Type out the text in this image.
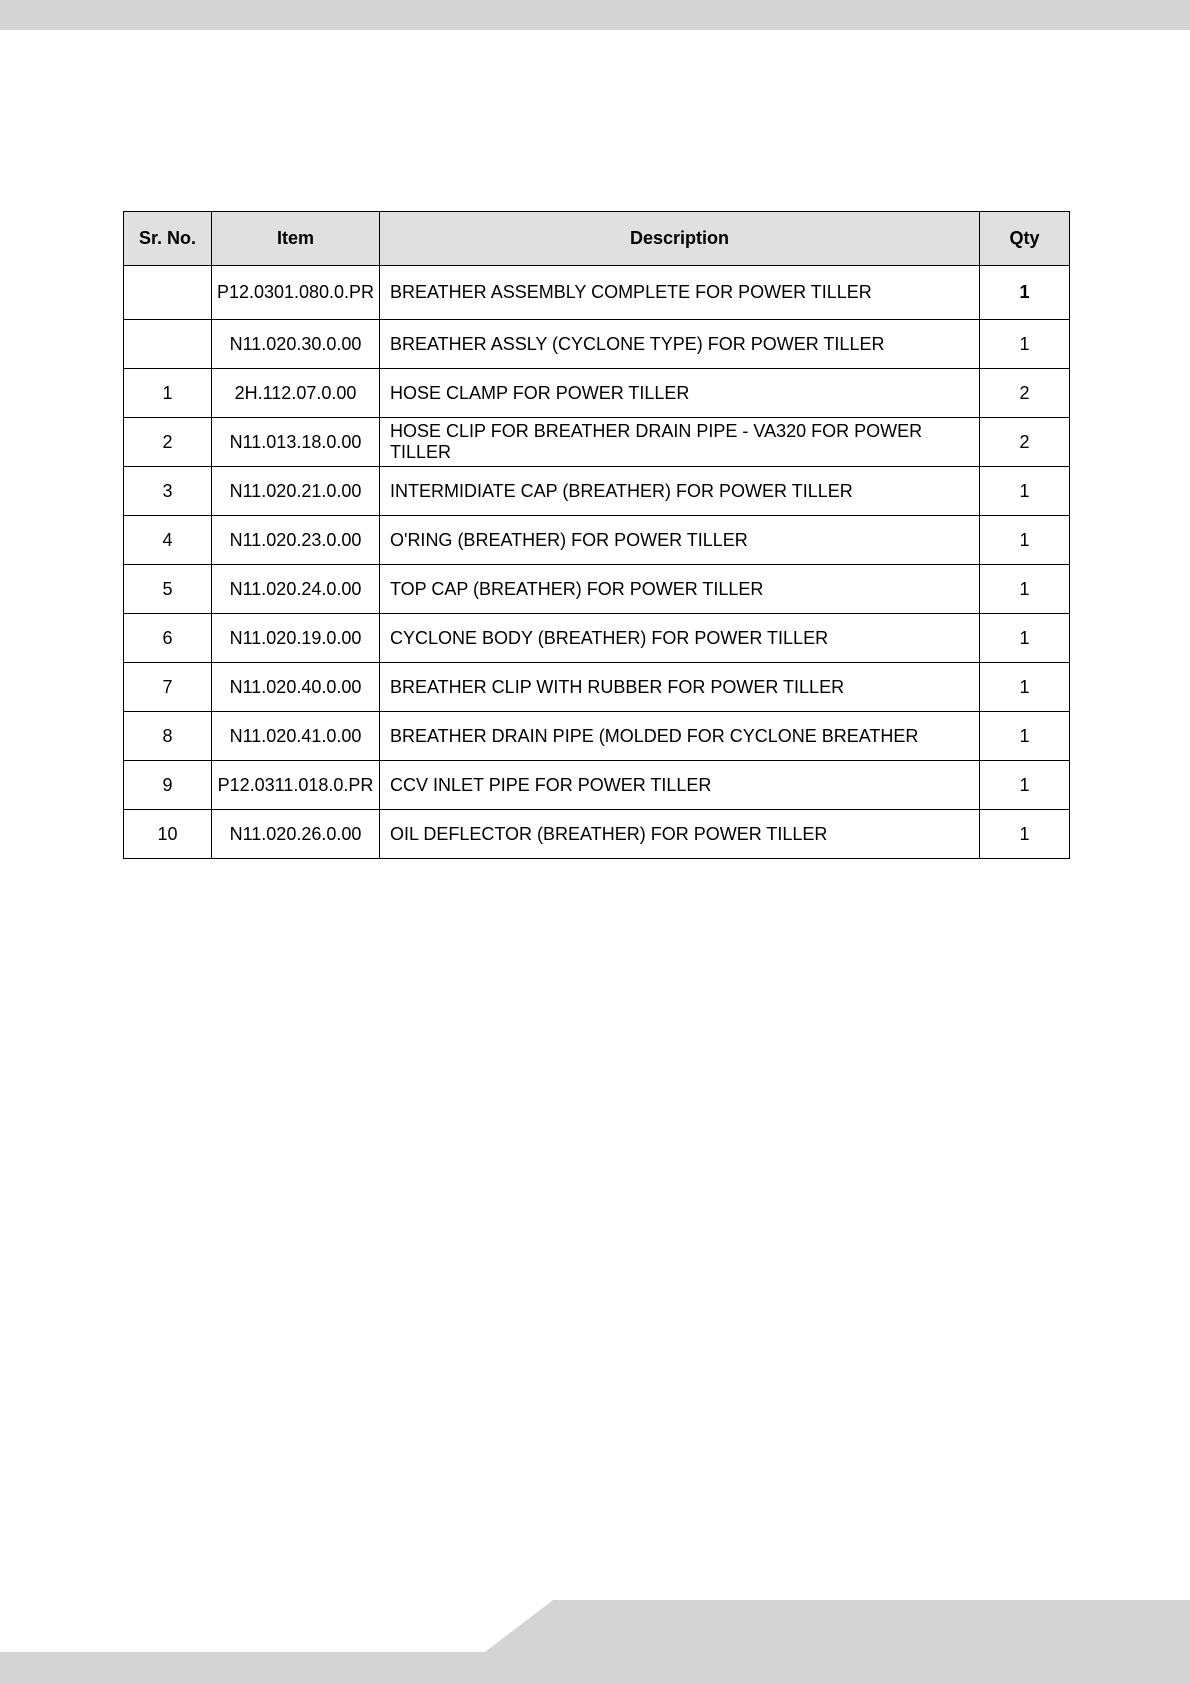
Sr. No.	Item	Description	Qty
	P12.0301.080.0.PR	BREATHER ASSEMBLY COMPLETE FOR POWER TILLER	1
	N11.020.30.0.00	BREATHER ASSLY (CYCLONE TYPE) FOR POWER TILLER	1
1	2H.112.07.0.00	HOSE CLAMP FOR POWER TILLER	2
2	N11.013.18.0.00	HOSE CLIP FOR BREATHER DRAIN PIPE - VA320 FOR POWER TILLER	2
3	N11.020.21.0.00	INTERMIDIATE CAP (BREATHER) FOR POWER TILLER	1
4	N11.020.23.0.00	O'RING (BREATHER) FOR POWER TILLER	1
5	N11.020.24.0.00	TOP CAP (BREATHER) FOR POWER TILLER	1
6	N11.020.19.0.00	CYCLONE BODY (BREATHER) FOR POWER TILLER	1
7	N11.020.40.0.00	BREATHER CLIP WITH RUBBER FOR POWER TILLER	1
8	N11.020.41.0.00	BREATHER DRAIN PIPE (MOLDED FOR CYCLONE BREATHER	1
9	P12.0311.018.0.PR	CCV INLET PIPE FOR POWER TILLER	1
10	N11.020.26.0.00	OIL DEFLECTOR (BREATHER) FOR POWER TILLER	1
